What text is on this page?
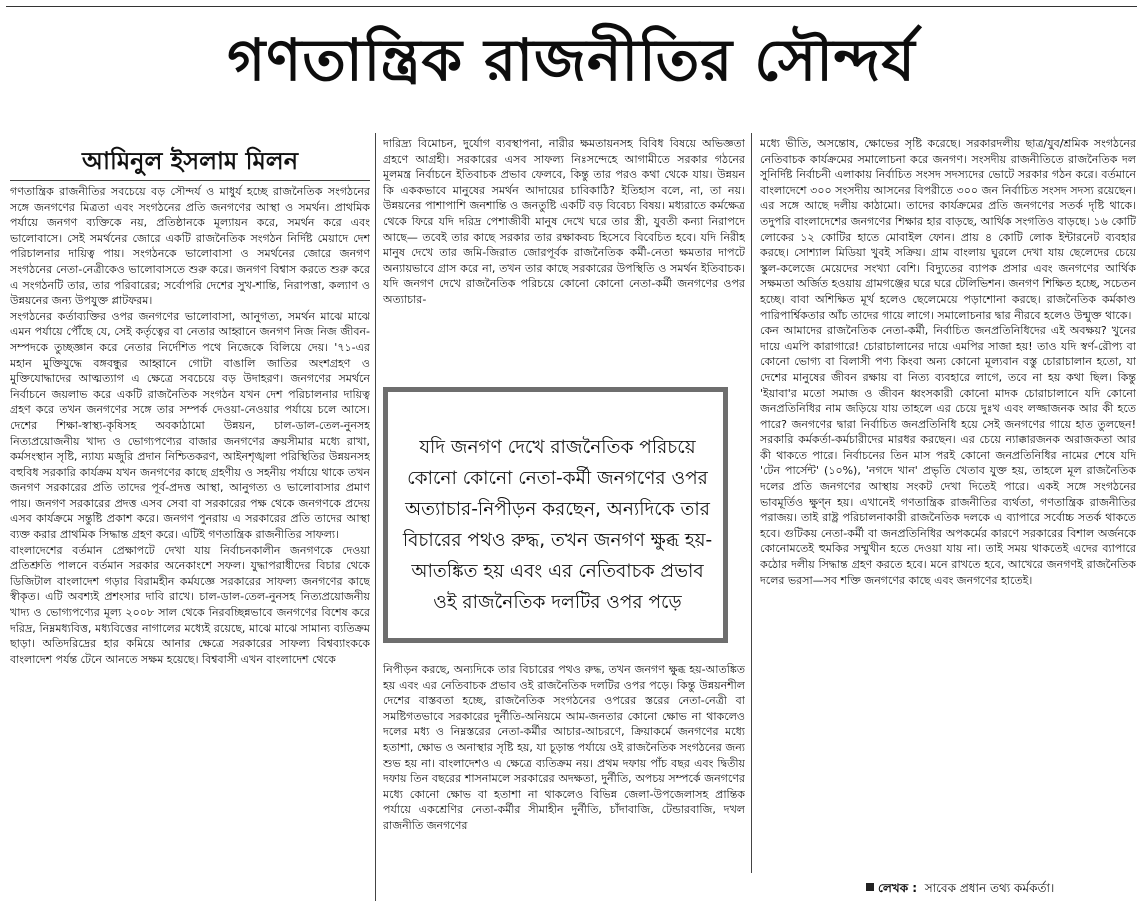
গণতান্ত্রিক রাজনীতির সৌন্দর্য
আমিনুল ইসলাম মিলন

গণতান্ত্রিক রাজনীতির সবচেয়ে বড় সৌন্দর্য ও মাধুর্য হচ্ছে রাজনৈতিক সংগঠনের সঙ্গে জনগণের মিত্রতা এবং সংগঠনের প্রতি জনগণের আস্থা ও সমর্থন। প্রাথমিক পর্যায়ে জনগণ ব্যক্তিকে নয়, প্রতিষ্ঠানকে মূল্যায়ন করে, সমর্থন করে এবং ভালোবাসে। সেই সমর্থনের জোরে একটি রাজনৈতিক সংগঠন নির্দিষ্ট মেয়াদে দেশ পরিচালনার দায়িত্ব পায়। সংগঠনকে ভালোবাসা ও সমর্থনের জোরে জনগণ সংগঠনের নেতা-নেত্রীকেও ভালোবাসতে শুরু করে। জনগণ বিশ্বাস করতে শুরু করে এ সংগঠনটি তার, তার পরিবারের; সর্বোপরি দেশের সুখ-শান্তি, নিরাপত্তা, কল্যাণ ও উন্নয়নের জন্য উপযুক্ত প্লাটফরম।

সংগঠনের কর্তাব্যক্তির ওপর জনগণের ভালোবাসা, আনুগত্য, সমর্থন মাঝে মাঝে এমন পর্যায়ে পৌঁছে যে, সেই কর্তৃত্বের বা নেতার আহ্বানে জনগণ নিজ নিজ জীবন-সম্পদকে তুচ্ছজ্ঞান করে নেতার নির্দেশিত পথে নিজেকে বিলিয়ে দেয়। '৭১-এর মহান মুক্তিযুদ্ধে বঙ্গবন্ধুর আহ্বানে গোটা বাঙালি জাতির অংশগ্রহণ ও মুক্তিযোদ্ধাদের আত্মত্যাগ এ ক্ষেত্রে সবচেয়ে বড় উদাহরণ। জনগণের সমর্থনে নির্বাচনে জয়লাভ করে একটি রাজনৈতিক সংগঠন যখন দেশ পরিচালনার দায়িত্ব গ্রহণ করে তখন জনগণের সঙ্গে তার সম্পর্ক দেওয়া-নেওয়ার পর্যায়ে চলে আসে। দেশের শিক্ষা-স্বাস্থ্য-কৃষিসহ অবকাঠামো উন্নয়ন, চাল-ডাল-তেল-নুনসহ নিত্যপ্রয়োজনীয় খাদ্য ও ভোগ্যপণ্যের বাজার জনগণের ক্রয়সীমার মধ্যে রাখা, কর্মসংস্থান সৃষ্টি, ন্যায্য মজুরি প্রদান নিশ্চিতকরণ, আইনশৃঙ্খলা পরিস্থিতির উন্নয়নসহ বহুবিধ সরকারি কার্যক্রম যখন জনগণের কাছে গ্রহণীয় ও সহনীয় পর্যায়ে থাকে তখন জনগণ সরকারের প্রতি তাদের পূর্ব-প্রদত্ত আস্থা, আনুগত্য ও ভালোবাসার প্রমাণ পায়। জনগণ সরকারের প্রদত্ত এসব সেবা বা সরকারের পক্ষ থেকে জনগণকে প্রদেয় এসব কার্যক্রমে সন্তুষ্টি প্রকাশ করে। জনগণ পুনরায় এ সরকারের প্রতি তাদের আস্থা ব্যক্ত করার প্রাথমিক সিদ্ধান্ত গ্রহণ করে। এটিই গণতান্ত্রিক রাজনীতির সাফল্য।

বাংলাদেশের বর্তমান প্রেক্ষাপটে দেখা যায় নির্বাচনকালীন জনগণকে দেওয়া প্রতিশ্রুতি পালনে বর্তমান সরকার অনেকাংশে সফল। যুদ্ধাপরাধীদের বিচার থেকে ডিজিটাল বাংলাদেশ গড়ার বিরামহীন কর্মযজ্ঞে সরকারের সাফল্য জনগণের কাছে স্বীকৃত। এটি অবশ্যই প্রশংসার দাবি রাখে। চাল-ডাল-তেল-নুনসহ নিত্যপ্রয়োজনীয় খাদ্য ও ভোগ্যপণ্যের মূল্য ২০০৮ সাল থেকে নিরবচ্ছিন্নভাবে জনগণের বিশেষ করে দরিদ্র, নিম্নমধ্যবিত্ত, মধ্যবিত্তের নাগালের মধ্যেই রয়েছে, মাঝে মাঝে সামান্য ব্যতিক্রম ছাড়া। অতিদরিদ্রের হার কমিয়ে আনার ক্ষেত্রে সরকারের সাফল্য বিশ্বব্যাংককে বাংলাদেশ পর্যন্ত টেনে আনতে সক্ষম হয়েছে। বিশ্ববাসী এখন বাংলাদেশ থেকে

দারিদ্র্য বিমোচন, দুর্যোগ ব্যবস্থাপনা, নারীর ক্ষমতায়নসহ বিবিধ বিষয়ে অভিজ্ঞতা গ্রহণে আগ্রহী। সরকারের এসব সাফল্য নিঃসন্দেহে আগামীতে সরকার গঠনের মূলমন্ত্র নির্বাচনে ইতিবাচক প্রভাব ফেলবে, কিন্তু তার পরও কথা থেকে যায়। উন্নয়ন কি এককভাবে মানুষের সমর্থন আদায়ের চাবিকাঠি? ইতিহাস বলে, না, তা নয়। উন্নয়নের পাশাপাশি জনশান্তি ও জনতুষ্টি একটি বড় বিবেচ্য বিষয়। মধ্যরাতে কর্মক্ষেত্র থেকে ফিরে যদি দরিদ্র পেশাজীবী মানুষ দেখে ঘরে তার স্ত্রী, যুবতী কন্যা নিরাপদে আছে— তবেই তার কাছে সরকার তার রক্ষাকবচ হিসেবে বিবেচিত হবে। যদি নিরীহ মানুষ দেখে তার জমি-জিরাত জোরপূর্বক রাজনৈতিক কর্মী-নেতা ক্ষমতার দাপটে অন্যায়ভাবে গ্রাস করে না, তখন তার কাছে সরকারের উপস্থিতি ও সমর্থন ইতিবাচক। যদি জনগণ দেখে রাজনৈতিক পরিচয়ে কোনো কোনো নেতা-কর্মী জনগণের ওপর অত্যাচার-

যদি জনগণ দেখে রাজনৈতিক পরিচয়ে কোনো কোনো নেতা-কর্মী জনগণের ওপর অত্যাচার-নিপীড়ন করছেন, অন্যদিকে তার বিচারের পথও রুদ্ধ, তখন জনগণ ক্ষুব্ধ হয়-আতঙ্কিত হয় এবং এর নেতিবাচক প্রভাব ওই রাজনৈতিক দলটির ওপর পড়ে

নিপীড়ন করছে, অন্যদিকে তার বিচারের পথও রুদ্ধ, তখন জনগণ ক্ষুব্ধ হয়-আতঙ্কিত হয় এবং এর নেতিবাচক প্রভাব ওই রাজনৈতিক দলটির ওপর পড়ে। কিন্তু উন্নয়নশীল দেশের বাস্তবতা হচ্ছে, রাজনৈতিক সংগঠনের ওপরের স্তরের নেতা-নেত্রী বা সমষ্টিগতভাবে সরকারের দুর্নীতি-অনিয়মে আম-জনতার কোনো ক্ষোভ না থাকলেও দলের মধ্য ও নিম্নস্তরের নেতা-কর্মীর আচার-আচরণে, ক্রিয়াকর্মে জনগণের মধ্যে হতাশা, ক্ষোভ ও অনাস্থার সৃষ্টি হয়, যা চূড়ান্ত পর্যায়ে ওই রাজনৈতিক সংগঠনের জন্য শুভ হয় না। বাংলাদেশও এ ক্ষেত্রে ব্যতিক্রম নয়। প্রথম দফায় পাঁচ বছর এবং দ্বিতীয় দফায় তিন বছরের শাসনামলে সরকারের অদক্ষতা, দুর্নীতি, অপচয় সম্পর্কে জনগণের মধ্যে কোনো ক্ষোভ বা হতাশা না থাকলেও বিভিন্ন জেলা-উপজেলাসহ প্রান্তিক পর্যায়ে একশ্রেণির নেতা-কর্মীর সীমাহীন দুর্নীতি, চাঁদাবাজি, টেন্ডারবাজি, দখল রাজনীতি জনগণের

মধ্যে ভীতি, অসন্তোষ, ক্ষোভের সৃষ্টি করেছে। সরকারদলীয় ছাত্র/যুব/শ্রমিক সংগঠনের নেতিবাচক কার্যক্রমের সমালোচনা করে জনগণ। সংসদীয় রাজনীতিতে রাজনৈতিক দল সুনির্দিষ্ট নির্বাচনী এলাকায় নির্বাচিত সংসদ সদস্যদের ভোটে সরকার গঠন করে। বর্তমানে বাংলাদেশে ৩০০ সংসদীয় আসনের বিপরীতে ৩০০ জন নির্বাচিত সংসদ সদস্য রয়েছেন। এর সঙ্গে আছে দলীয় কাঠামো। তাদের কার্যক্রমের প্রতি জনগণের সতর্ক দৃষ্টি থাকে। তদুপরি বাংলাদেশের জনগণের শিক্ষার হার বাড়ছে, আর্থিক সংগতিও বাড়ছে। ১৬ কোটি লোকের ১২ কোটির হাতে মোবাইল ফোন। প্রায় ৪ কোটি লোক ইন্টারনেট ব্যবহার করছে। সোশ্যাল মিডিয়া খুবই সক্রিয়। গ্রাম বাংলায় ঘুরলে দেখা যায় ছেলেদের চেয়ে স্কুল-কলেজে মেয়েদের সংখ্যা বেশি। বিদ্যুতের ব্যাপক প্রসার এবং জনগণের আর্থিক সক্ষমতা অর্জিত হওয়ায় গ্রামগঞ্জের ঘরে ঘরে টেলিভিশন। জনগণ শিক্ষিত হচ্ছে, সচেতন হচ্ছে। বাবা অশিক্ষিত মূর্খ হলেও ছেলেমেয়ে পড়াশোনা করছে। রাজনৈতিক কর্মকাণ্ড পারিপার্শ্বিকতার আঁচ তাদের গায়ে লাগে। সমালোচনার দ্বার নীরবে হলেও উন্মুক্ত থাকে।

কেন আমাদের রাজনৈতিক নেতা-কর্মী, নির্বাচিত জনপ্রতিনিধিদের এই অবক্ষয়? খুনের দায়ে এমপি কারাগারে! চোরাচালানের দায়ে এমপির সাজা হয়! তাও যদি স্বর্ণ-রৌপ্য বা কোনো ভোগ্য বা বিলাসী পণ্য কিংবা অন্য কোনো মূল্যবান বস্তু চোরাচালান হতো, যা দেশের মানুষের জীবন রক্ষায় বা নিত্য ব্যবহারে লাগে, তবে না হয় কথা ছিল। কিন্তু 'ইয়াবা'র মতো সমাজ ও জীবন ধ্বংসকারী কোনো মাদক চোরাচালানে যদি কোনো জনপ্রতিনিধির নাম জড়িয়ে যায় তাহলে এর চেয়ে দুঃখ এবং লজ্জাজনক আর কী হতে পারে? জনগণের দ্বারা নির্বাচিত জনপ্রতিনিধি হয়ে সেই জনগণের গায়ে হাত তুলছেন! সরকারি কর্মকর্তা-কর্মচারীদের মারধর করছেন। এর চেয়ে ন্যাক্কারজনক অরাজকতা আর কী থাকতে পারে। নির্বাচনের তিন মাস পরই কোনো জনপ্রতিনিধির নামের শেষে যদি 'টেন পার্সেন্ট' (১০%), 'নগদে খান' প্রভৃতি খেতাব যুক্ত হয়, তাহলে মূল রাজনৈতিক দলের প্রতি জনগণের আস্থায় সংকট দেখা দিতেই পারে। একই সঙ্গে সংগঠনের ভাবমূর্তিও ক্ষুণ্ন হয়। এখানেই গণতান্ত্রিক রাজনীতির ব্যর্থতা, গণতান্ত্রিক রাজনীতির পরাজয়। তাই রাষ্ট্র পরিচালনাকারী রাজনৈতিক দলকে এ ব্যাপারে সর্বোচ্চ সতর্ক থাকতে হবে। গুটিকয় নেতা-কর্মী বা জনপ্রতিনিধির অপকর্মের কারণে সরকারের বিশাল অর্জনকে কোনোমতেই হুমকির সম্মুখীন হতে দেওয়া যায় না। তাই সময় থাকতেই এদের ব্যাপারে কঠোর দলীয় সিদ্ধান্ত গ্রহণ করতে হবে। মনে রাখতে হবে, আখেরে জনগণই রাজনৈতিক দলের ভরসা—সব শক্তি জনগণের কাছে এবং জনগণের হাতেই।

লেখক : সাবেক প্রধান তথ্য কর্মকর্তা।
